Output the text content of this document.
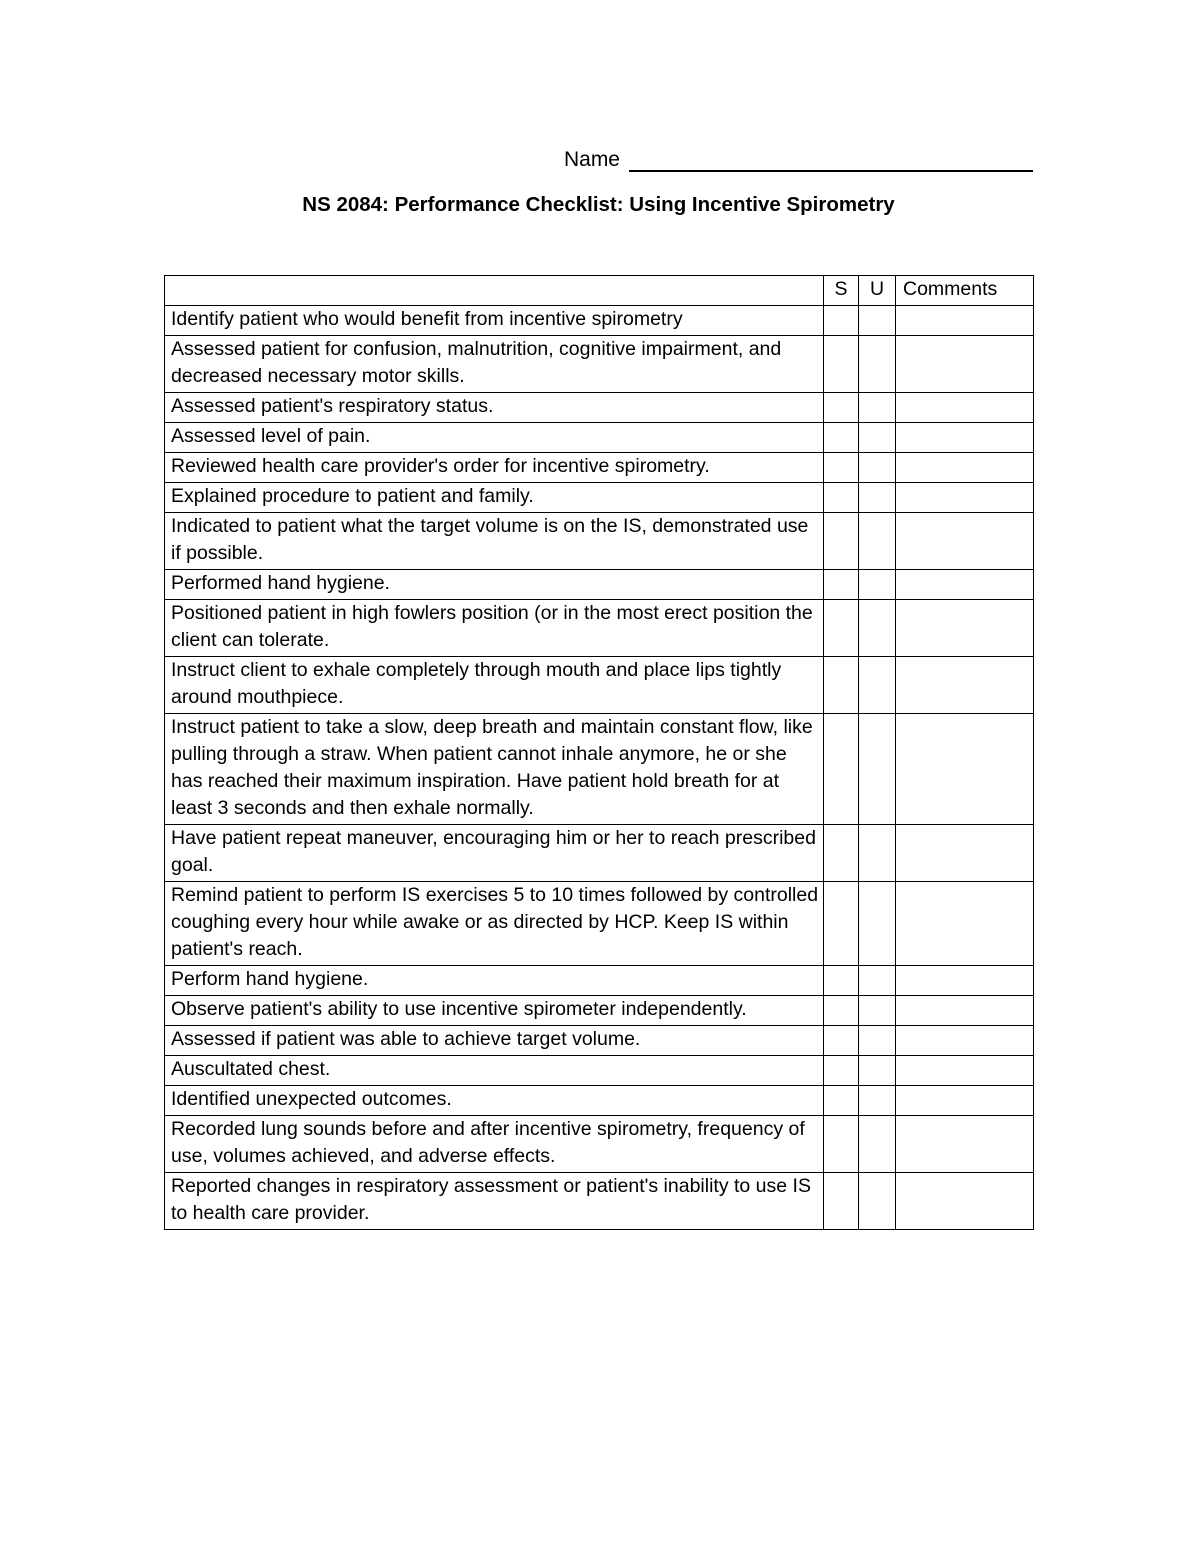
Name
NS 2084: Performance Checklist: Using Incentive Spirometry
	S	U	Comments
Identify patient who would benefit from incentive spirometry			
Assessed patient for confusion, malnutrition, cognitive impairment, and decreased necessary motor skills.			
Assessed patient's respiratory status.			
Assessed level of pain.			
Reviewed health care provider's order for incentive spirometry.			
Explained procedure to patient and family.			
Indicated to patient what the target volume is on the IS, demonstrated use if possible.			
Performed hand hygiene.			
Positioned patient in high fowlers position (or in the most erect position the client can tolerate.			
Instruct client to exhale completely through mouth and place lips tightly around mouthpiece.			
Instruct patient to take a slow, deep breath and maintain constant flow, like pulling through a straw. When patient cannot inhale anymore, he or she has reached their maximum inspiration. Have patient hold breath for at least 3 seconds and then exhale normally.			
Have patient repeat maneuver, encouraging him or her to reach prescribed goal.			
Remind patient to perform IS exercises 5 to 10 times followed by controlled coughing every hour while awake or as directed by HCP. Keep IS within patient's reach.			
Perform hand hygiene.			
Observe patient's ability to use incentive spirometer independently.			
Assessed if patient was able to achieve target volume.			
Auscultated chest.			
Identified unexpected outcomes.			
Recorded lung sounds before and after incentive spirometry, frequency of use, volumes achieved, and adverse effects.			
Reported changes in respiratory assessment or patient's inability to use IS to health care provider.			
